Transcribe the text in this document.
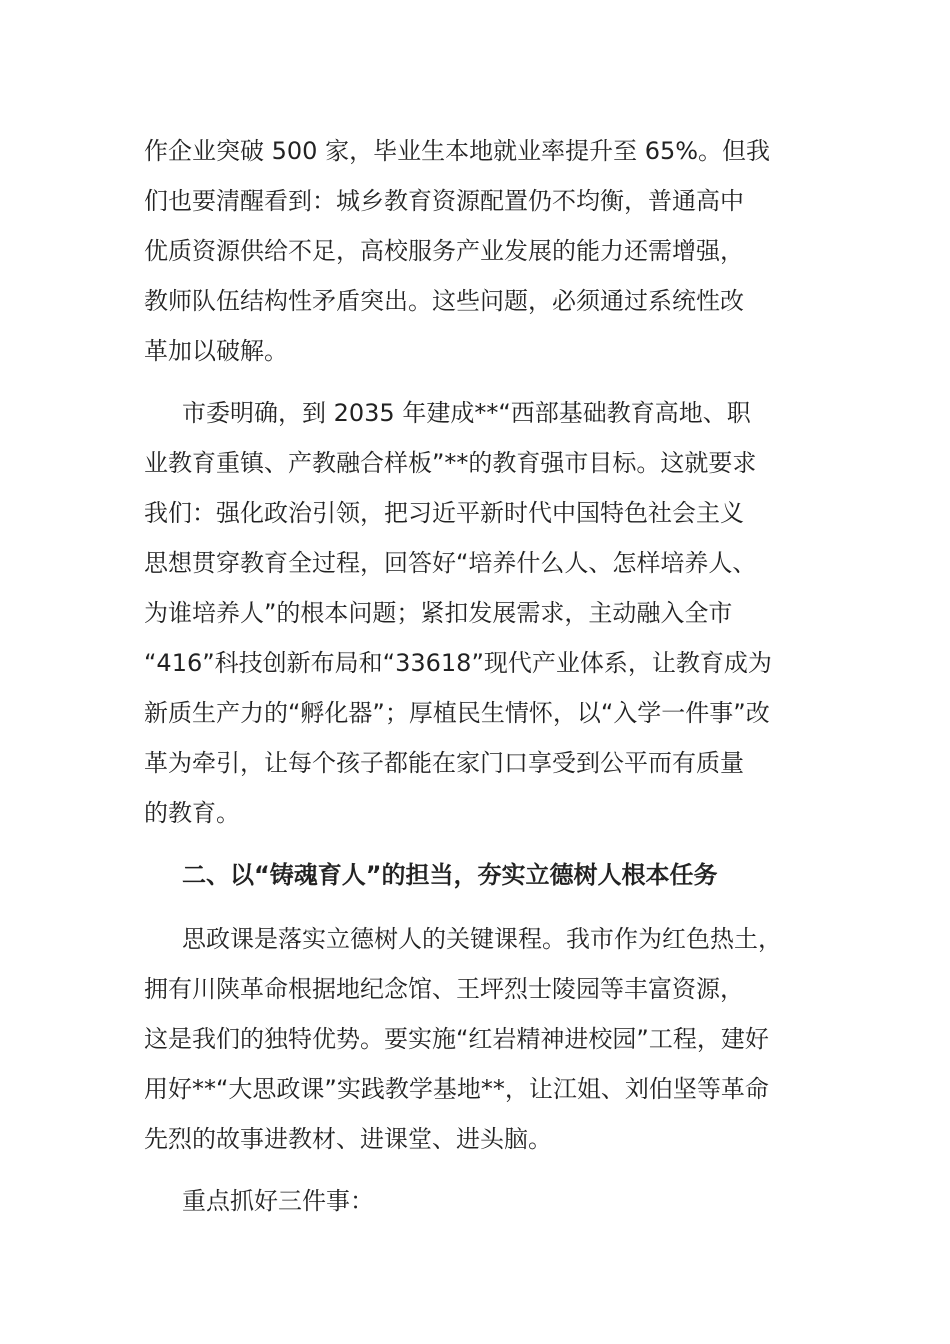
作企业突破 500 家，毕业生本地就业率提升至 65%。但我
们也要清醒看到：城乡教育资源配置仍不均衡，普通高中
优质资源供给不足，高校服务产业发展的能力还需增强，
教师队伍结构性矛盾突出。这些问题，必须通过系统性改
革加以破解。
市委明确，到 2035 年建成**“西部基础教育高地、职
业教育重镇、产教融合样板”**的教育强市目标。这就要求
我们：强化政治引领，把习近平新时代中国特色社会主义
思想贯穿教育全过程，回答好“培养什么人、怎样培养人、
为谁培养人”的根本问题；紧扣发展需求，主动融入全市
“416”科技创新布局和“33618”现代产业体系，让教育成为
新质生产力的“孵化器”；厚植民生情怀，以“入学一件事”改
革为牵引，让每个孩子都能在家门口享受到公平而有质量
的教育。
二、以“铸魂育人”的担当，夯实立德树人根本任务
思政课是落实立德树人的关键课程。我市作为红色热土，
拥有川陕革命根据地纪念馆、王坪烈士陵园等丰富资源，
这是我们的独特优势。要实施“红岩精神进校园”工程，建好
用好**“大思政课”实践教学基地**，让江姐、刘伯坚等革命
先烈的故事进教材、进课堂、进头脑。
重点抓好三件事：
